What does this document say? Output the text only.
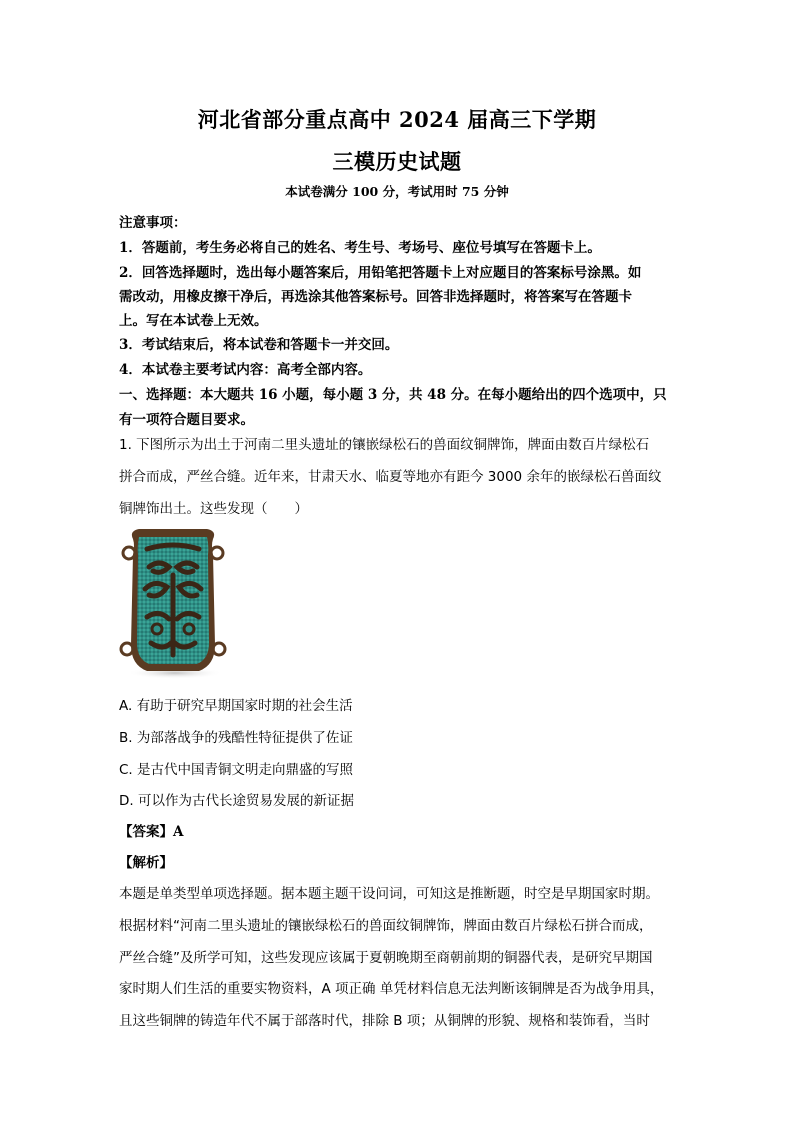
河北省部分重点高中 2024 届高三下学期
三模历史试题
本试卷满分 100 分，考试用时 75 分钟
注意事项：
1．答题前，考生务必将自己的姓名、考生号、考场号、座位号填写在答题卡上。
2．回答选择题时，选出每小题答案后，用铅笔把答题卡上对应题目的答案标号涂黑。如
需改动，用橡皮擦干净后，再选涂其他答案标号。回答非选择题时，将答案写在答题卡
上。写在本试卷上无效。
3．考试结束后，将本试卷和答题卡一并交回。
4．本试卷主要考试内容：高考全部内容。
一、选择题：本大题共 16 小题，每小题 3 分，共 48 分。在每小题给出的四个选项中，只
有一项符合题目要求。
1. 下图所示为出土于河南二里头遗址的镶嵌绿松石的兽面纹铜牌饰，牌面由数百片绿松石
拼合而成，严丝合缝。近年来，甘肃天水、临夏等地亦有距今 3000 余年的嵌绿松石兽面纹
铜牌饰出土。这些发现（　　）
A. 有助于研究早期国家时期的社会生活
B. 为部落战争的残酷性特征提供了佐证
C. 是古代中国青铜文明走向鼎盛的写照
D. 可以作为古代长途贸易发展的新证据
【答案】A
【解析】
本题是单类型单项选择题。据本题主题干设问词，可知这是推断题，时空是早期国家时期。
根据材料“河南二里头遗址的镶嵌绿松石的兽面纹铜牌饰，牌面由数百片绿松石拼合而成，
严丝合缝”及所学可知，这些发现应该属于夏朝晚期至商朝前期的铜器代表，是研究早期国
家时期人们生活的重要实物资料，A 项正确 单凭材料信息无法判断该铜牌是否为战争用具，
且这些铜牌的铸造年代不属于部落时代，排除 B 项；从铜牌的形貌、规格和装饰看，当时
